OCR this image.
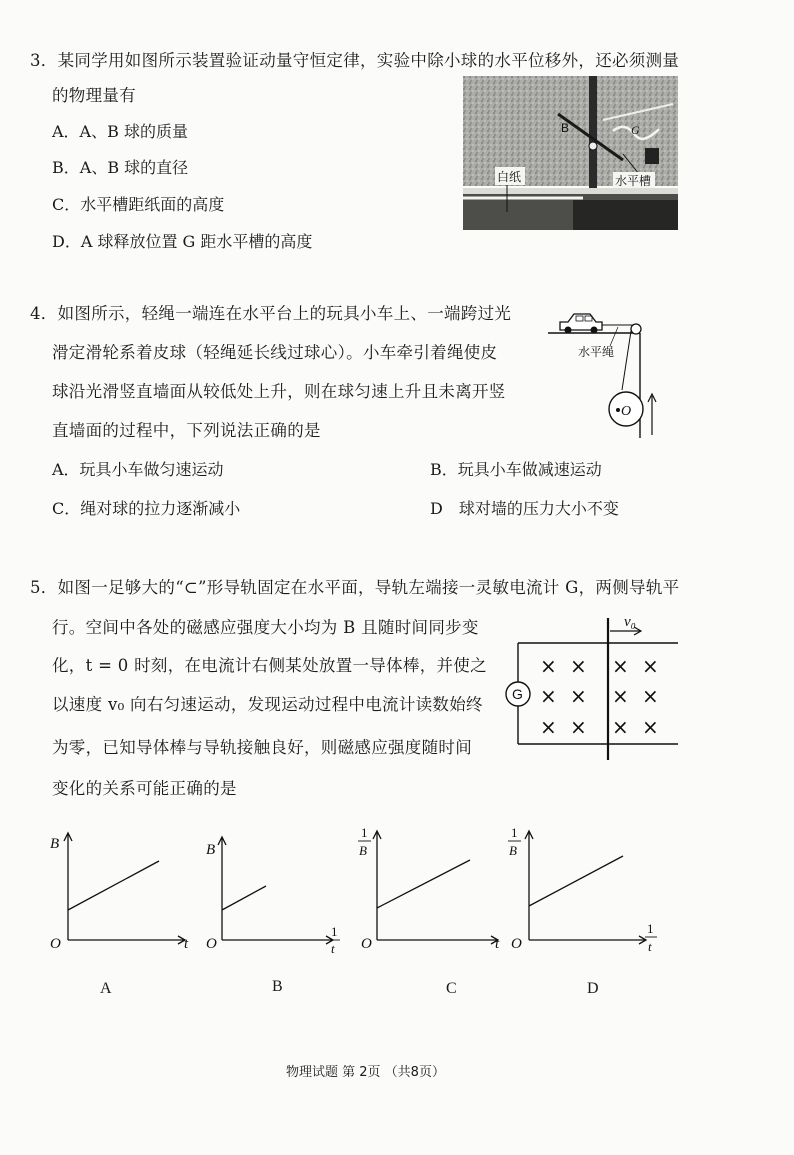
3．某同学用如图所示装置验证动量守恒定律，实验中除小球的水平位移外，还必须测量
的物理量有
A．A、B 球的质量
B．A、B 球的直径
C．水平槽距纸面的高度
D．A 球释放位置 G 距水平槽的高度
B	G
白纸	水平槽
4．如图所示，轻绳一端连在水平台上的玩具小车上、一端跨过光
滑定滑轮系着皮球（轻绳延长线过球心）。小车牵引着绳使皮
球沿光滑竖直墙面从较低处上升，则在球匀速上升且未离开竖
直墙面的过程中，下列说法正确的是
A．玩具小车做匀速运动	B．玩具小车做减速运动
C．绳对球的拉力逐渐减小	D　球对墙的压力大小不变
O
水平绳
5．如图一足够大的“⊂”形导轨固定在水平面，导轨左端接一灵敏电流计 G，两侧导轨平
行。空间中各处的磁感应强度大小均为 B 且随时间同步变
化，t = 0 时刻，在电流计右侧某处放置一导体棒，并使之
以速度 v₀ 向右匀速运动，发现运动过程中电流计读数始终
为零，已知导体棒与导轨接触良好，则磁感应强度随时间
变化的关系可能正确的是
G
v₀
× × × ×
× × × ×
× × × ×
B
t
O
A
B
1
t
O
B
1
B
t
O
C
1
B
1
t
O
D
物理试题 第 2页 （共8页）
